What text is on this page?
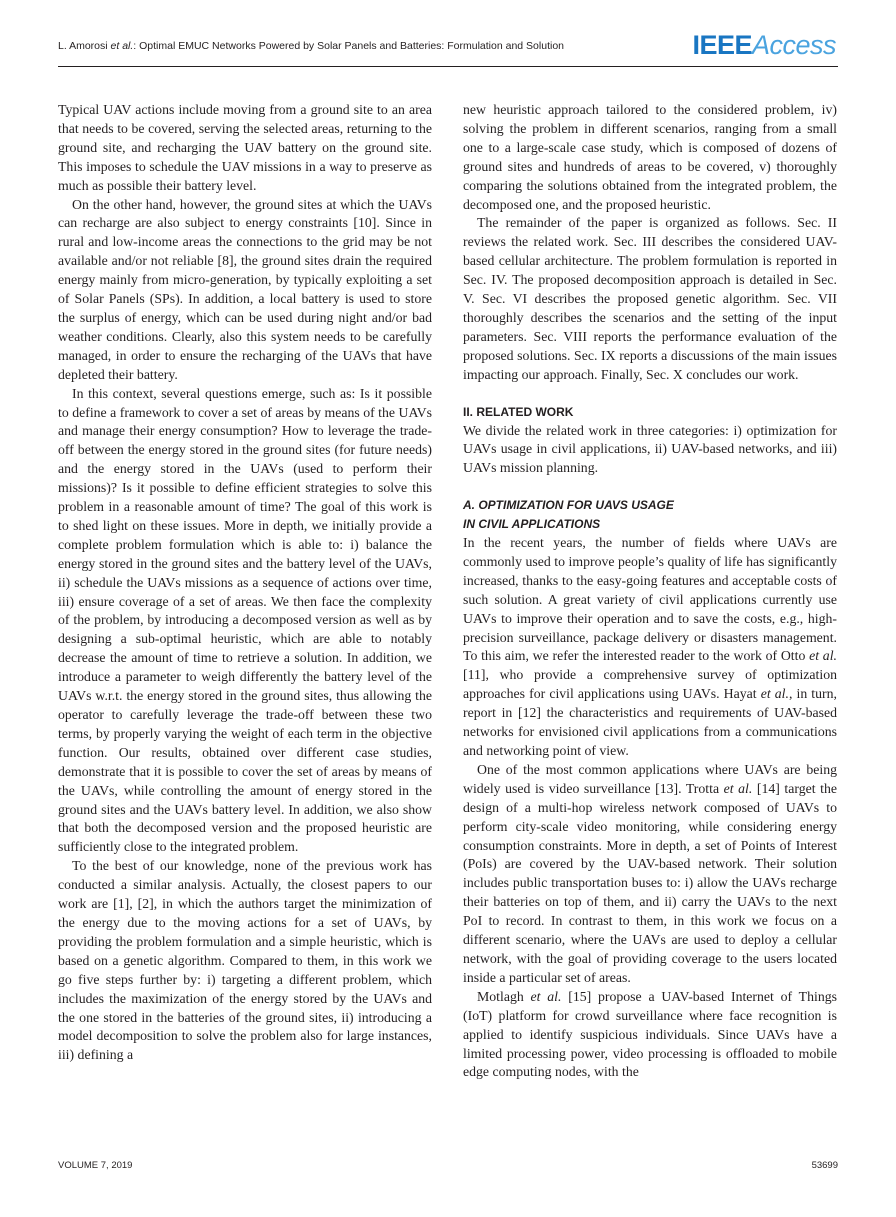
L. Amorosi et al.: Optimal EMUC Networks Powered by Solar Panels and Batteries: Formulation and Solution	IEEEAccess

Typical UAV actions include moving from a ground site to an area that needs to be covered, serving the selected areas, returning to the ground site, and recharging the UAV battery on the ground site. This imposes to schedule the UAV missions in a way to preserve as much as possible their battery level.

On the other hand, however, the ground sites at which the UAVs can recharge are also subject to energy constraints [10]. Since in rural and low-income areas the connections to the grid may be not available and/or not reliable [8], the ground sites drain the required energy mainly from micro-generation, by typically exploiting a set of Solar Panels (SPs). In addition, a local battery is used to store the surplus of energy, which can be used during night and/or bad weather conditions. Clearly, also this system needs to be carefully managed, in order to ensure the recharging of the UAVs that have depleted their battery.

In this context, several questions emerge, such as: Is it possible to define a framework to cover a set of areas by means of the UAVs and manage their energy consumption? How to leverage the trade-off between the energy stored in the ground sites (for future needs) and the energy stored in the UAVs (used to perform their missions)? Is it possible to define efficient strategies to solve this problem in a reasonable amount of time? The goal of this work is to shed light on these issues. More in depth, we initially provide a complete problem formulation which is able to: i) balance the energy stored in the ground sites and the battery level of the UAVs, ii) schedule the UAVs missions as a sequence of actions over time, iii) ensure coverage of a set of areas. We then face the complexity of the problem, by introducing a decomposed version as well as by designing a sub-optimal heuristic, which are able to notably decrease the amount of time to retrieve a solution. In addition, we introduce a parameter to weigh differently the battery level of the UAVs w.r.t. the energy stored in the ground sites, thus allowing the operator to carefully leverage the trade-off between these two terms, by properly varying the weight of each term in the objective function. Our results, obtained over different case studies, demonstrate that it is possible to cover the set of areas by means of the UAVs, while controlling the amount of energy stored in the ground sites and the UAVs battery level. In addition, we also show that both the decomposed version and the proposed heuristic are sufficiently close to the integrated problem.

To the best of our knowledge, none of the previous work has conducted a similar analysis. Actually, the closest papers to our work are [1], [2], in which the authors target the minimization of the energy due to the moving actions for a set of UAVs, by providing the problem formulation and a simple heuristic, which is based on a genetic algorithm. Compared to them, in this work we go five steps further by: i) targeting a different problem, which includes the maximization of the energy stored by the UAVs and the one stored in the batteries of the ground sites, ii) introducing a model decomposition to solve the problem also for large instances, iii) defining a

new heuristic approach tailored to the considered problem, iv) solving the problem in different scenarios, ranging from a small one to a large-scale case study, which is composed of dozens of ground sites and hundreds of areas to be covered, v) thoroughly comparing the solutions obtained from the integrated problem, the decomposed one, and the proposed heuristic.

The remainder of the paper is organized as follows. Sec. II reviews the related work. Sec. III describes the considered UAV-based cellular architecture. The problem formulation is reported in Sec. IV. The proposed decomposition approach is detailed in Sec. V. Sec. VI describes the proposed genetic algorithm. Sec. VII thoroughly describes the scenarios and the setting of the input parameters. Sec. VIII reports the performance evaluation of the proposed solutions. Sec. IX reports a discussions of the main issues impacting our approach. Finally, Sec. X concludes our work.

II. RELATED WORK

We divide the related work in three categories: i) optimization for UAVs usage in civil applications, ii) UAV-based networks, and iii) UAVs mission planning.

A. OPTIMIZATION FOR UAVS USAGE
IN CIVIL APPLICATIONS

In the recent years, the number of fields where UAVs are commonly used to improve people’s quality of life has significantly increased, thanks to the easy-going features and acceptable costs of such solution. A great variety of civil applications currently use UAVs to improve their operation and to save the costs, e.g., high-precision surveillance, package delivery or disasters management. To this aim, we refer the interested reader to the work of Otto et al. [11], who provide a comprehensive survey of optimization approaches for civil applications using UAVs. Hayat et al., in turn, report in [12] the characteristics and requirements of UAV-based networks for envisioned civil applications from a communications and networking point of view.

One of the most common applications where UAVs are being widely used is video surveillance [13]. Trotta et al. [14] target the design of a multi-hop wireless network composed of UAVs to perform city-scale video monitoring, while considering energy consumption constraints. More in depth, a set of Points of Interest (PoIs) are covered by the UAV-based network. Their solution includes public transportation buses to: i) allow the UAVs recharge their batteries on top of them, and ii) carry the UAVs to the next PoI to record. In contrast to them, in this work we focus on a different scenario, where the UAVs are used to deploy a cellular network, with the goal of providing coverage to the users located inside a particular set of areas.

Motlagh et al. [15] propose a UAV-based Internet of Things (IoT) platform for crowd surveillance where face recognition is applied to identify suspicious individuals. Since UAVs have a limited processing power, video processing is offloaded to mobile edge computing nodes, with the

VOLUME 7, 2019	53699
